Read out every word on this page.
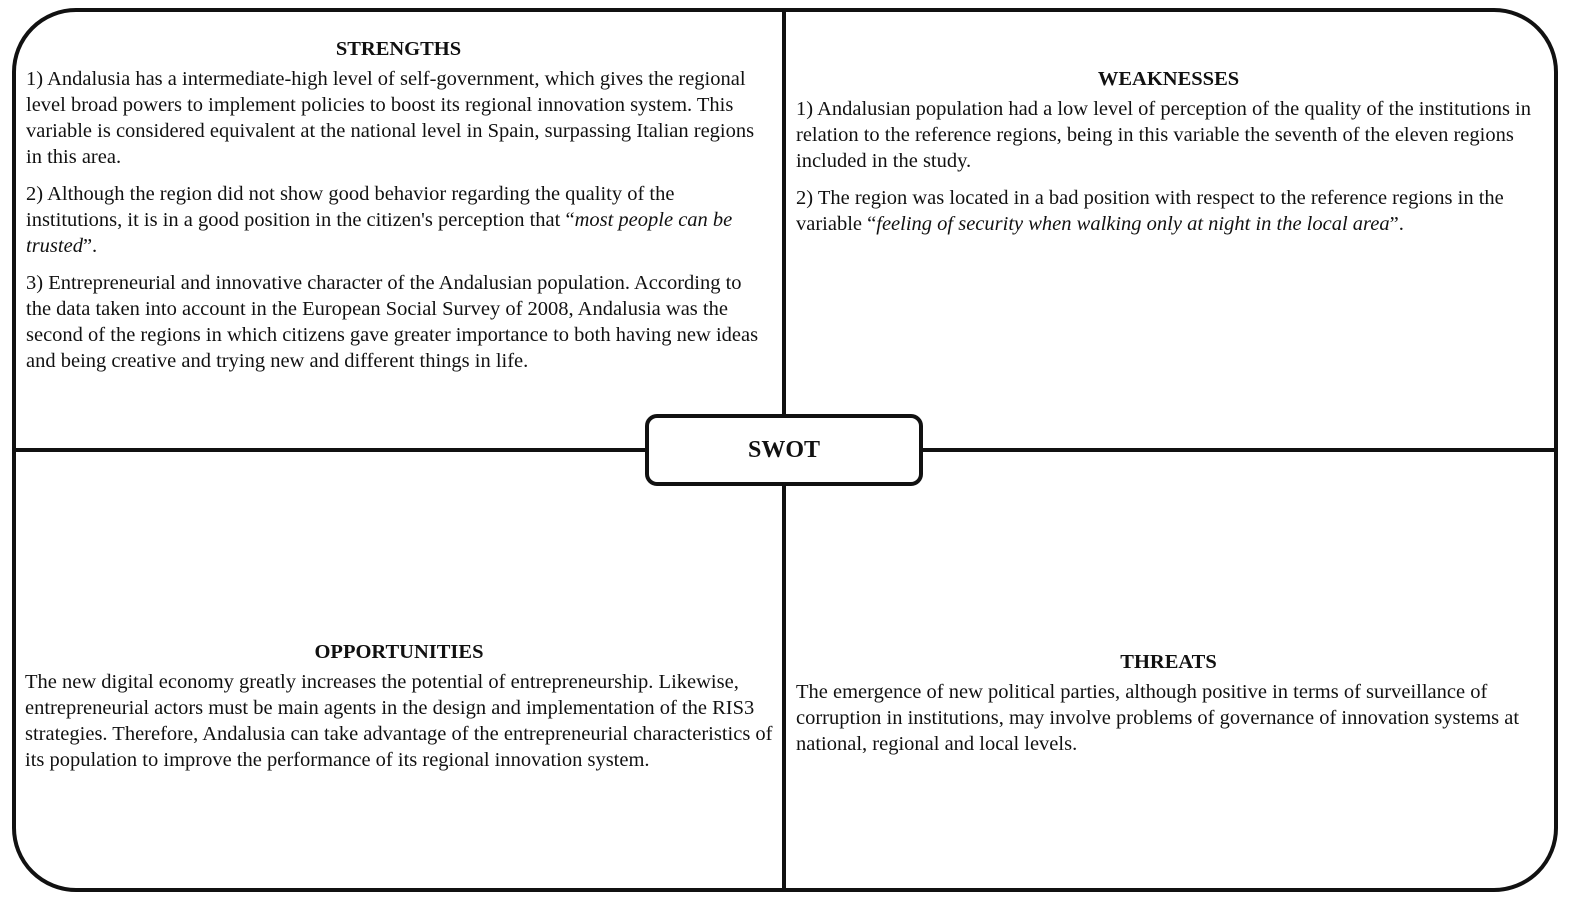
STRENGTHS

1) Andalusia has a intermediate-high level of self-government, which gives the regional level broad powers to implement policies to boost its regional innovation system. This variable is considered equivalent at the national level in Spain, surpassing Italian regions in this area.

2) Although the region did not show good behavior regarding the quality of the institutions, it is in a good position in the citizen's perception that “most people can be trusted”.

3) Entrepreneurial and innovative character of the Andalusian population. According to the data taken into account in the European Social Survey of 2008, Andalusia was the second of the regions in which citizens gave greater importance to both having new ideas and being creative and trying new and different things in life.

WEAKNESSES

1) Andalusian population had a low level of perception of the quality of the institutions in relation to the reference regions, being in this variable the seventh of the eleven regions included in the study.

2) The region was located in a bad position with respect to the reference regions in the variable “feeling of security when walking only at night in the local area”.

OPPORTUNITIES

The new digital economy greatly increases the potential of entrepreneurship. Likewise, entrepreneurial actors must be main agents in the design and implementation of the RIS3 strategies. Therefore, Andalusia can take advantage of the entrepreneurial characteristics of its population to improve the performance of its regional innovation system.

THREATS

The emergence of new political parties, although positive in terms of surveillance of corruption in institutions, may involve problems of governance of innovation systems at national, regional and local levels.

SWOT
